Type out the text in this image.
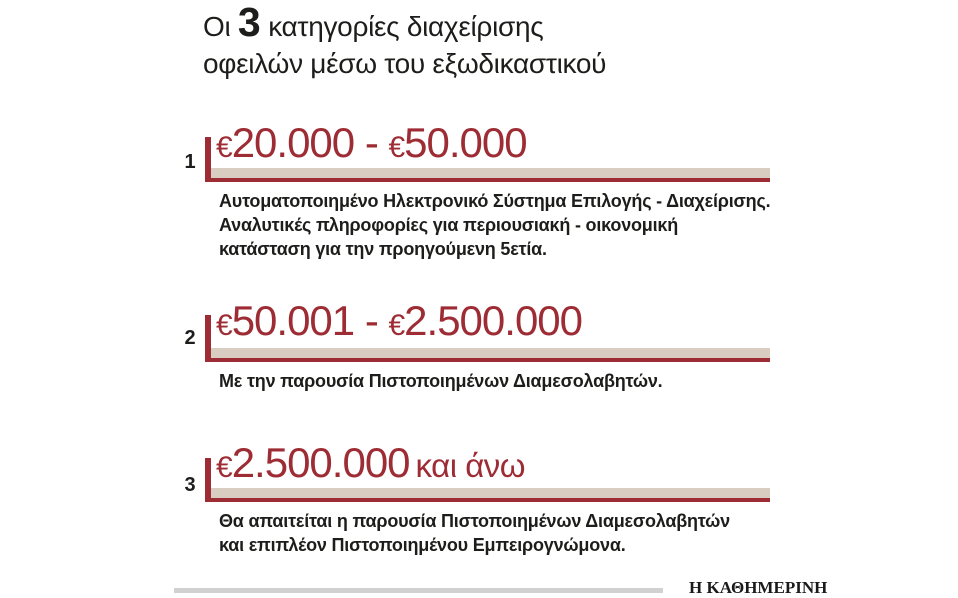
Οι 3 κατηγορίες διαχείρισης
οφειλών μέσω του εξωδικαστικού
1 €20.000 - €50.000
Αυτοματοποιημένο Ηλεκτρονικό Σύστημα Επιλογής - Διαχείρισης.
Αναλυτικές πληροφορίες για περιουσιακή - οικονομική
κατάσταση για την προηγούμενη 5ετία.
2 €50.001 - €2.500.000
Με την παρουσία Πιστοποιημένων Διαμεσολαβητών.
3
€2.500.000 και άνω
Θα απαιτείται η παρουσία Πιστοποιημένων Διαμεσολαβητών
και επιπλέον Πιστοποιημένου Εμπειρογνώμονα.
Η ΚΑΘΗΜΕΡΙΝΗ
